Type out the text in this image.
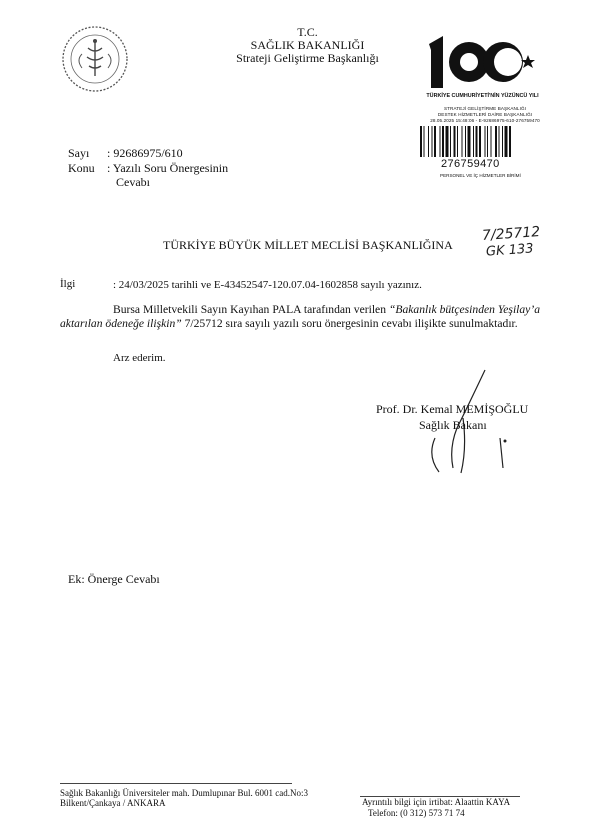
T.C.
SAĞLIK BAKANLIĞI
Strateji Geliştirme Başkanlığı
TÜRKİYE CUMHURİYETİ'NİN YÜZÜNCÜ YILI
STRATEJİ GELİŞTİRME BAŞKANLIĞI
DESTEK HİZMETLERİ DAİRE BAŞKANLIĞI
28.05.2025 15:48:06 - E-92686975-610-276759470
276759470
PERSONEL VE İÇ HİZMETLER BİRİMİ
Sayı : 92686975/610
Konu : Yazılı Soru Önergesinin
Cevabı
TÜRKİYE BÜYÜK MİLLET MECLİSİ BAŞKANLIĞINA
7/25712
GK 133
İlgi	: 24/03/2025 tarihli ve E-43452547-120.07.04-1602858 sayılı yazınız.
Bursa Milletvekili Sayın Kayıhan PALA tarafından verilen “Bakanlık bütçesinden Yeşilay’a aktarılan ödeneğe ilişkin” 7/25712 sıra sayılı yazılı soru önergesinin cevabı ilişikte sunulmaktadır.
Arz ederim.
Prof. Dr. Kemal MEMİŞOĞLU
Sağlık Bakanı
Ek: Önerge Cevabı
Sağlık Bakanlığı Üniversiteler mah. Dumlupınar Bul. 6001 cad.No:3
Bilkent/Çankaya / ANKARA	Ayrıntılı bilgi için irtibat: Alaattin KAYA
Telefon: (0 312) 573 71 74
